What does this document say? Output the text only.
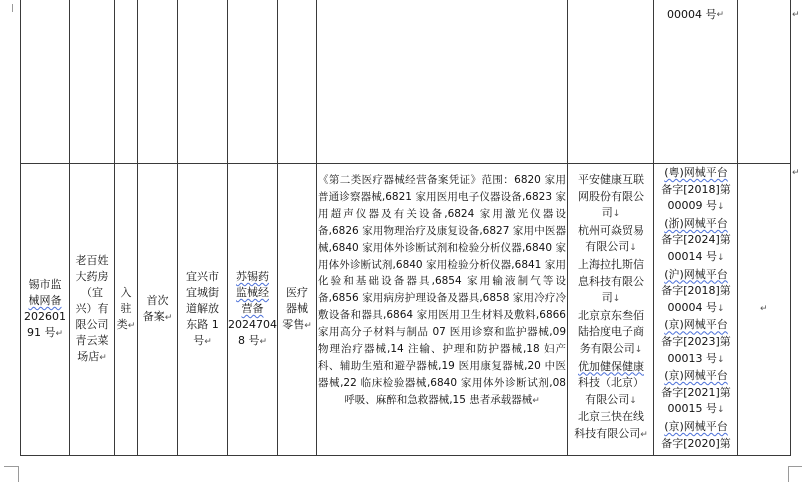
00004 号 ↵	↵
↵
↵
锡市监
械网备
202601
91 号↵
老百姓
大药房
（宜
兴）有
限公司
青云菜
场店↵
入
驻
类↵
首次
备案↵
宜兴市
宜城街
道解放
东路 1
号↵
苏锡药
监械经
营备
2024704
8 号↵
医疗
器械
零售↵
《第二类医疗器械经营备案凭证》范围：6820 家用普通诊察器械,6821 家用医用电子仪器设备,6823 家用超声仪器及有关设备,6824 家用激光仪器设备,6826 家用物理治疗及康复设备,6827 家用中医器械,6840 家用体外诊断试剂和检验分析仪器,6840 家用体外诊断试剂,6840 家用检验分析仪器,6841 家用化验和基础设备器具,6854 家用输液制气等设备,6856 家用病房护理设备及器具,6858 家用冷疗冷敷设备和器具,6864 家用医用卫生材料及敷料,6866 家用高分子材料与制品 07 医用诊察和监护器械,09 物理治疗器械,14 注输、护理和防护器械,18 妇产科、辅助生殖和避孕器械,19 医用康复器械,20 中医器械,22 临床检验器械,6840 家用体外诊断试剂,08 呼吸、麻醉和急救器械,15 患者承载器械↵
平安健康互联
网股份有限公
司↓
杭州可焱贸易
有限公司↓
上海拉扎斯信
息科技有限公
司↓
北京京东叁佰
陆拾度电子商
务有限公司↓
优加健保健康
科技（北京）
有限公司↓
北京三快在线
科技有限公司↵
(粤)网械平台
备字[2018]第
00009 号↓
(浙)网械平台
备字[2024]第
00014 号↓
(沪)网械平台
备字[2018]第
00004 号↓
(京)网械平台
备字[2023]第
00013 号↓
(京)网械平台
备字[2021]第
00015 号↓
(京)网械平台
备字[2020]第
